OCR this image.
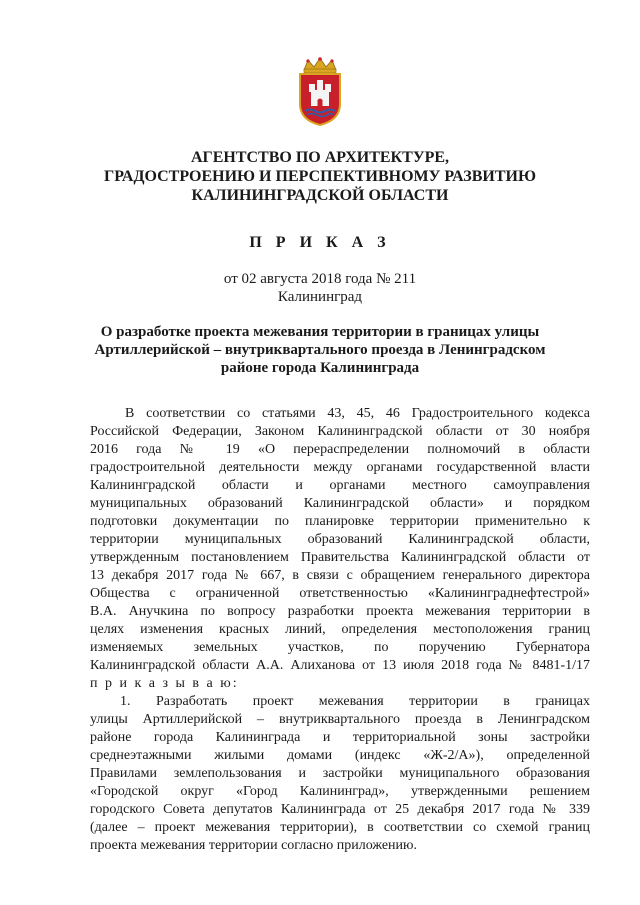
АГЕНТСТВО ПО АРХИТЕКТУРЕ,
ГРАДОСТРОЕНИЮ И ПЕРСПЕКТИВНОМУ РАЗВИТИЮ
КАЛИНИНГРАДСКОЙ ОБЛАСТИ
П Р И К А З
от 02 августа 2018 года № 211
Калининград
О разработке проекта межевания территории в границах улицы
Артиллерийской – внутриквартального проезда в Ленинградском
районе города Калининграда
В соответствии со статьями 43, 45, 46 Градостроительного кодекса
Российской Федерации, Законом Калининградской области от 30 ноября
2016 года № 19 «О перераспределении полномочий в области
градостроительной деятельности между органами государственной власти
Калининградской области и органами местного самоуправления
муниципальных образований Калининградской области» и порядком
подготовки документации по планировке территории применительно к
территории муниципальных образований Калининградской области,
утвержденным постановлением Правительства Калининградской области от
13 декабря 2017 года № 667, в связи с обращением генерального директора
Общества с ограниченной ответственностью «Калининграднефтестрой»
В.А. Анучкина по вопросу разработки проекта межевания территории в
целях изменения красных линий, определения местоположения границ
изменяемых земельных участков, по поручению Губернатора
Калининградской области А.А. Алиханова от 13 июля 2018 года № 8481-1/17
п р и к а з ы в а ю:
1. Разработать проект межевания территории в границах
улицы Артиллерийской – внутриквартального проезда в Ленинградском
районе города Калининграда и территориальной зоны застройки
среднеэтажными жилыми домами (индекс «Ж-2/А»), определенной
Правилами землепользования и застройки муниципального образования
«Городской округ «Город Калининград», утвержденными решением
городского Совета депутатов Калининграда от 25 декабря 2017 года № 339
(далее – проект межевания территории), в соответствии со схемой границ
проекта межевания территории согласно приложению.
